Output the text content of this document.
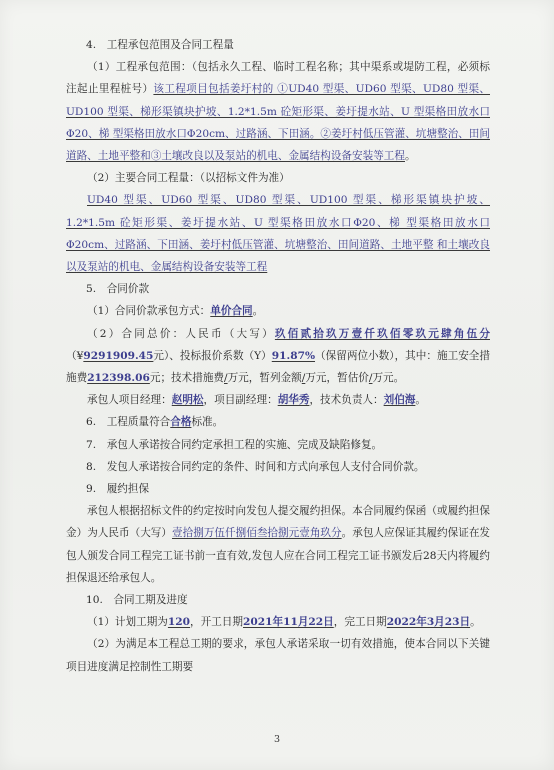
4.　工程承包范围及合同工程量

（1）工程承包范围：（包括永久工程、临时工程名称；其中渠系或堤防工程，必须标注起止里程桩号）该工程项目包括姜圩村的 ①UD40 型渠、UD60 型渠、UD80 型渠、UD100 型渠、梯形渠镇块护坡、1.2*1.5m 砼矩形渠、姜圩提水站、U 型渠格田放水口Φ20、梯 型渠格田放水口Φ20cm、过路涵、下田涵。②姜圩村低压管灌、坑塘整治、田间道路、土地平整和③土壤改良以及泵站的机电、金属结构设备安装等工程。

（2）主要合同工程量：（以招标文件为准）

UD40 型渠、UD60 型渠、UD80 型渠、UD100 型渠、梯形渠镇块护坡、1.2*1.5m 砼矩形渠、姜圩提水站、U 型渠格田放水口Φ20、梯 型渠格田放水口Φ20cm、过路涵、下田涵、姜圩村低压管灌、坑塘整治、田间道路、土地平整 和土壤改良以及泵站的机电、金属结构设备安装等工程

5.　合同价款

（1）合同价款承包方式：单价合同。

（2）合同总价：人民币（大写）玖佰贰拾玖万壹仟玖佰零玖元肆角伍分（¥9291909.45元）、投标报价系数（Y）91.87%（保留两位小数），其中：施工安全措施费212398.06元；技术措施费/万元，暂列金额/万元，暂估价/万元。

承包人项目经理：赵明松，项目副经理：胡华秀，技术负责人：刘伯海。

6.　工程质量符合合格标准。

7.　承包人承诺按合同约定承担工程的实施、完成及缺陷修复。

8.　发包人承诺按合同约定的条件、时间和方式向承包人支付合同价款。

9.　履约担保

承包人根据招标文件的约定按时向发包人提交履约担保。本合同履约保函（或履约担保金）为人民币（大写）壹拾捌万伍仟捌佰叁拾捌元壹角玖分。承包人应保证其履约保证在发包人颁发合同工程完工证书前一直有效,发包人应在合同工程完工证书颁发后28天内将履约担保退还给承包人。

10.　合同工期及进度

（1）计划工期为120，开工日期2021年11月22日，完工日期2022年3月23日。

（2）为满足本工程总工期的要求，承包人承诺采取一切有效措施，使本合同以下关键项目进度满足控制性工期要

3
